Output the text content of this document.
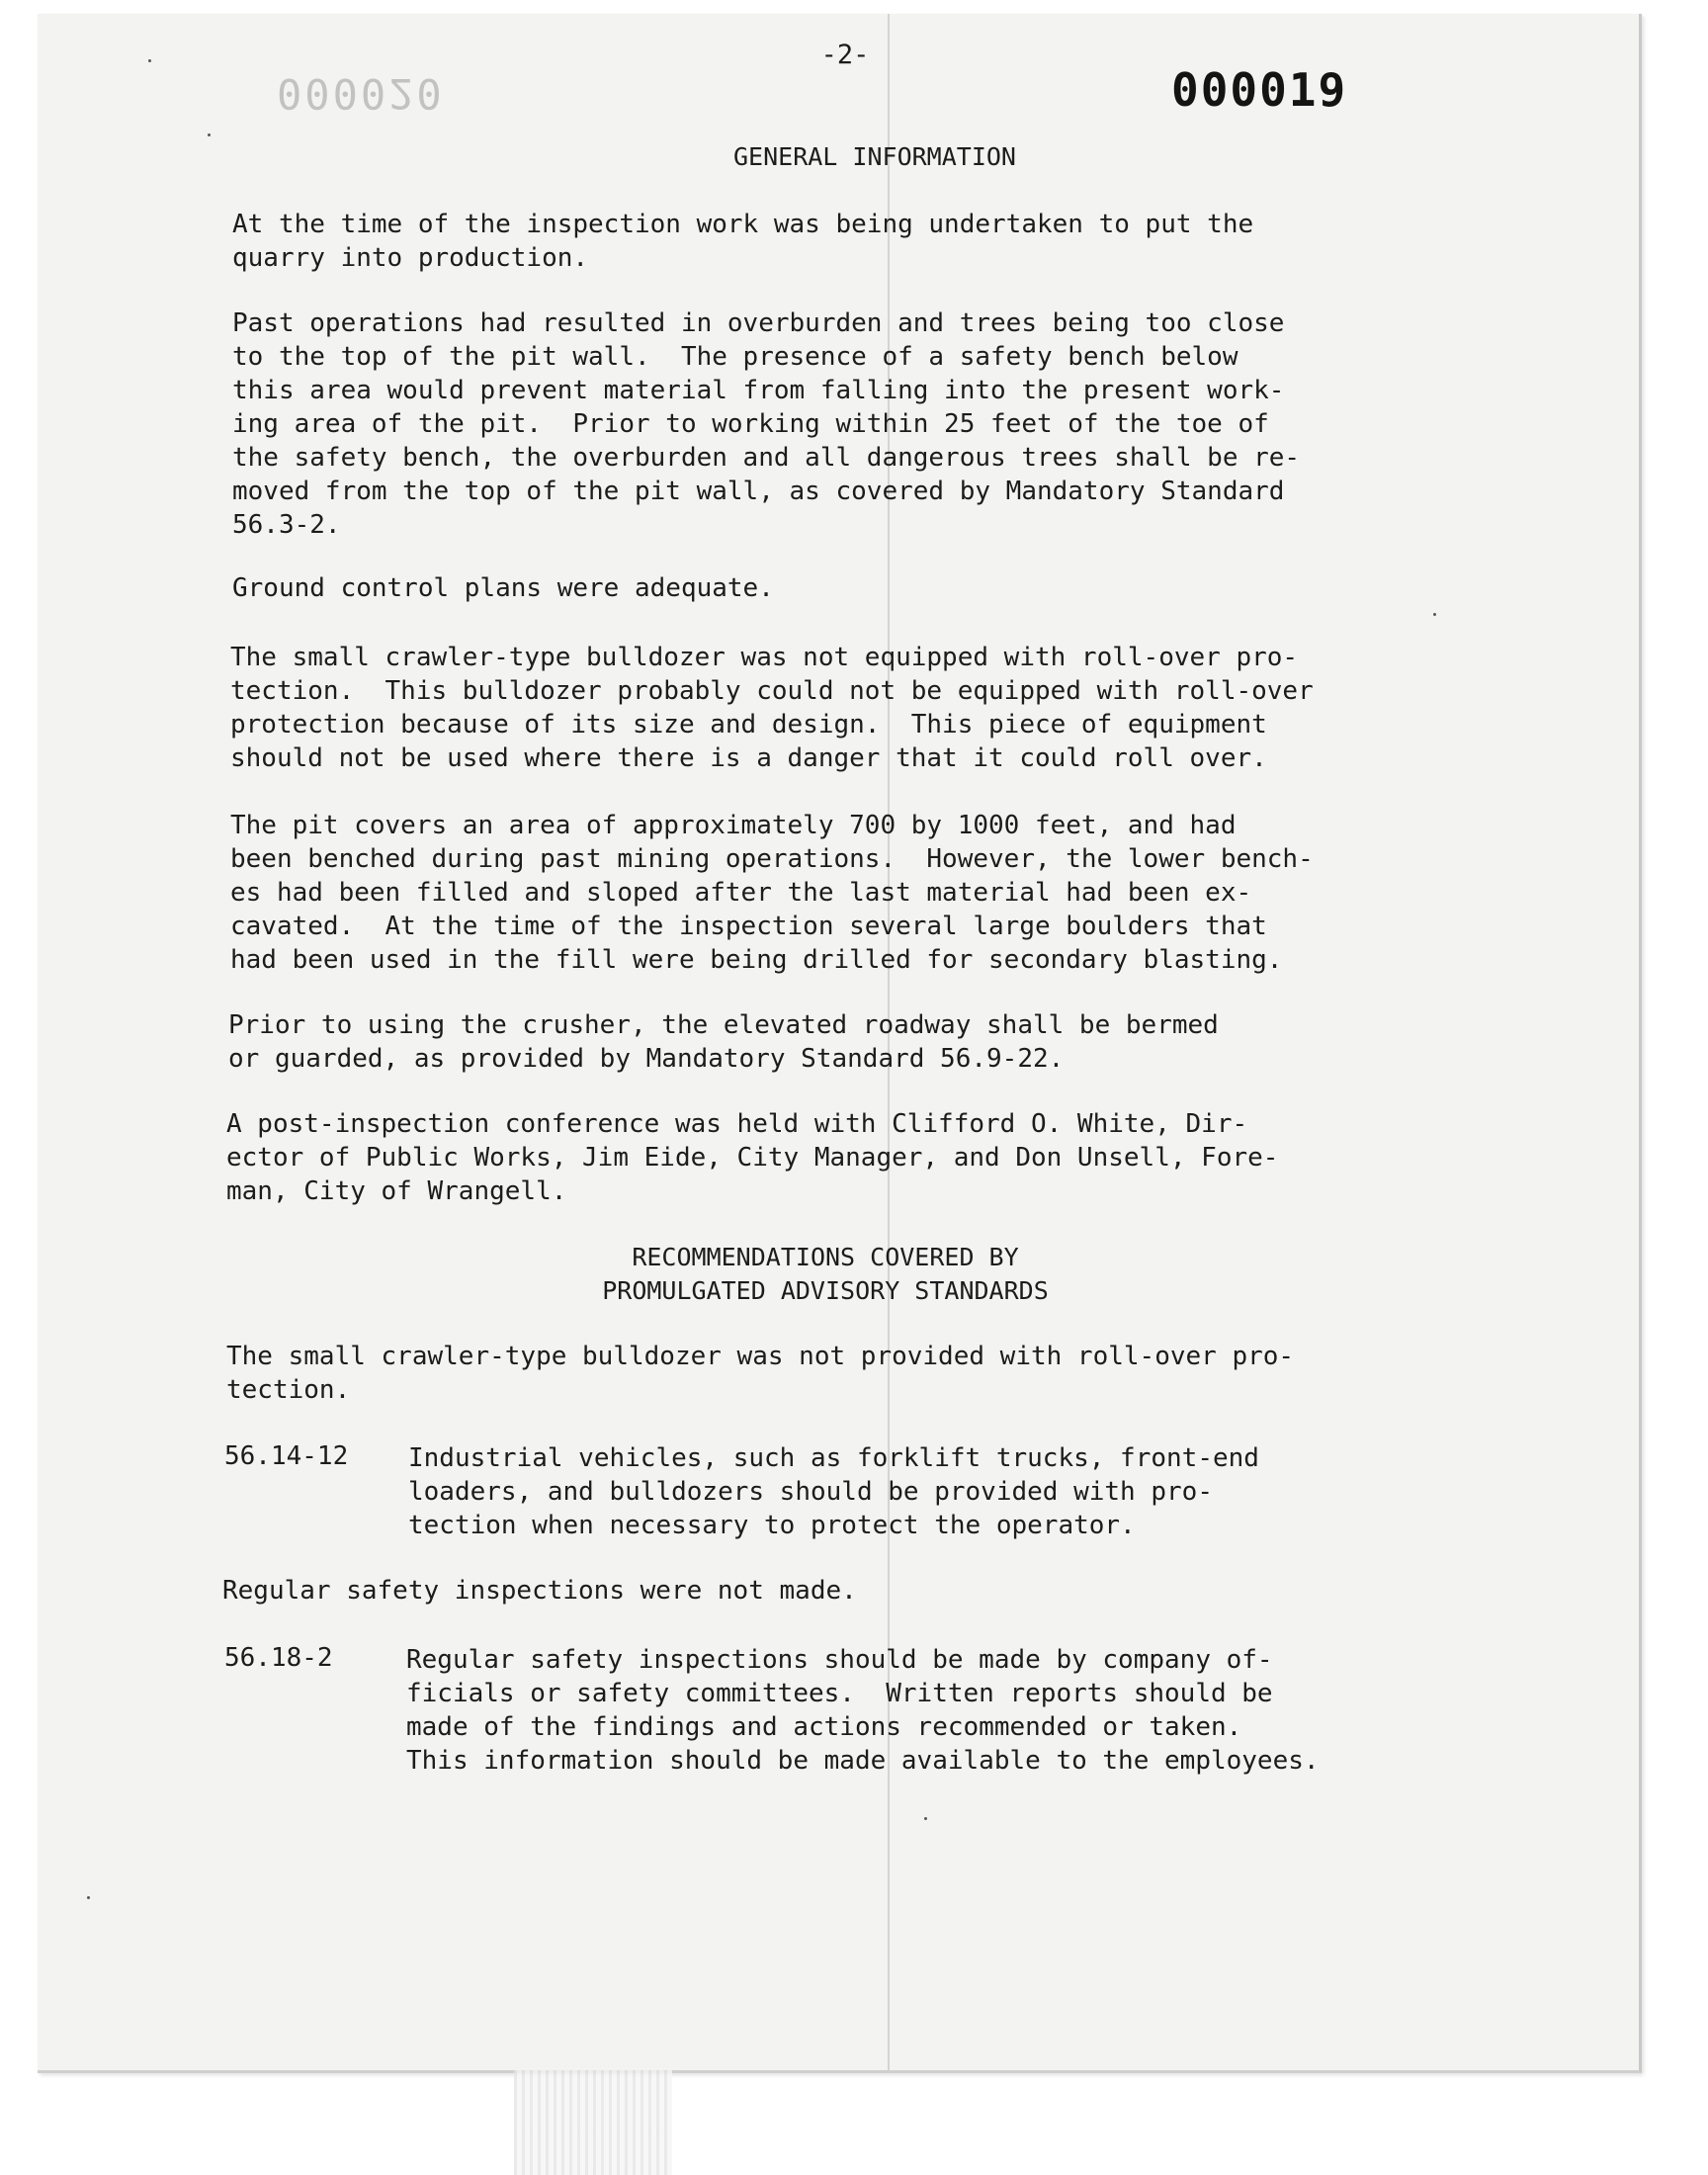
-2-
000020	000019
GENERAL INFORMATION

At the time of the inspection work was being undertaken to put the
quarry into production.

Past operations had resulted in overburden and trees being too close
to the top of the pit wall.  The presence of a safety bench below
this area would prevent material from falling into the present work-
ing area of the pit.  Prior to working within 25 feet of the toe of
the safety bench, the overburden and all dangerous trees shall be re-
moved from the top of the pit wall, as covered by Mandatory Standard
56.3-2.

Ground control plans were adequate.

The small crawler-type bulldozer was not equipped with roll-over pro-
tection.  This bulldozer probably could not be equipped with roll-over
protection because of its size and design.  This piece of equipment
should not be used where there is a danger that it could roll over.

The pit covers an area of approximately 700 by 1000 feet, and had
been benched during past mining operations.  However, the lower bench-
es had been filled and sloped after the last material had been ex-
cavated.  At the time of the inspection several large boulders that
had been used in the fill were being drilled for secondary blasting.

Prior to using the crusher, the elevated roadway shall be bermed
or guarded, as provided by Mandatory Standard 56.9-22.

A post-inspection conference was held with Clifford O. White, Dir-
ector of Public Works, Jim Eide, City Manager, and Don Unsell, Fore-
man, City of Wrangell.

RECOMMENDATIONS COVERED BY
PROMULGATED ADVISORY STANDARDS

The small crawler-type bulldozer was not provided with roll-over pro-
tection.

56.14-12 Industrial vehicles, such as forklift trucks, front-end
loaders, and bulldozers should be provided with pro-
tection when necessary to protect the operator.

Regular safety inspections were not made.

56.18-2	Regular safety inspections should be made by company of-
ficials or safety committees.  Written reports should be
made of the findings and actions recommended or taken.
This information should be made available to the employees.
